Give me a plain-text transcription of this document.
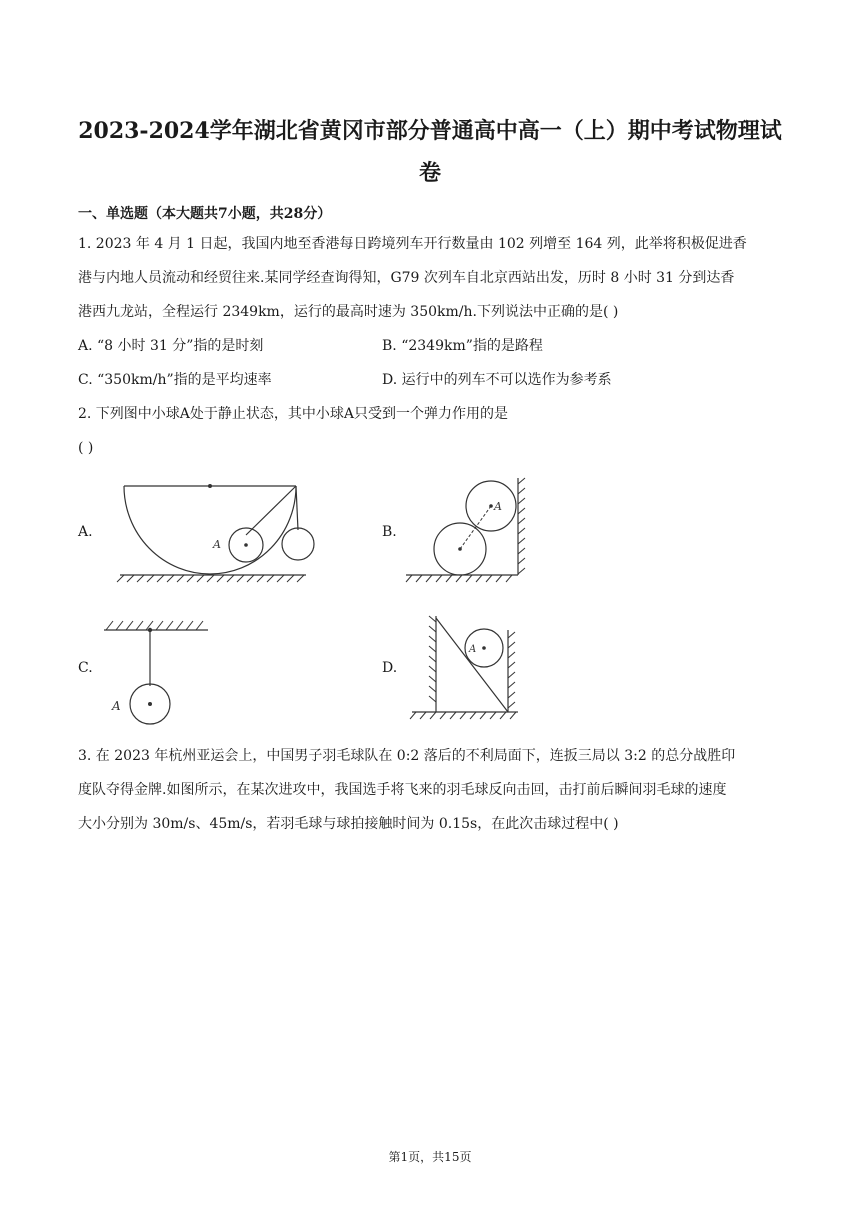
2023-2024学年湖北省黄冈市部分普通高中高一（上）期中考试物理试
卷
一、单选题（本大题共7小题，共28分）
1. 2023 年 4 月 1 日起，我国内地至香港每日跨境列车开行数量由 102 列增至 164 列，此举将积极促进香
港与内地人员流动和经贸往来.某同学经查询得知，G79 次列车自北京西站出发，历时 8 小时 31 分到达香
港西九龙站，全程运行 2349km，运行的最高时速为 350km/h.下列说法中正确的是( )
A. “8 小时 31 分”指的是时刻	B. “2349km”指的是路程
C. “350km/h”指的是平均速率	D. 运行中的列车不可以选作为参考系
2. 下列图中小球A处于静止状态，其中小球A只受到一个弹力作用的是
( )
A.	B.
C.	D.
A
A
A
A
3. 在 2023 年杭州亚运会上，中国男子羽毛球队在 0:2 落后的不利局面下，连扳三局以 3:2 的总分战胜印
度队夺得金牌.如图所示，在某次进攻中，我国选手将飞来的羽毛球反向击回，击打前后瞬间羽毛球的速度
大小分别为 30m/s、45m/s，若羽毛球与球拍接触时间为 0.15s，在此次击球过程中( )
第1页，共15页
